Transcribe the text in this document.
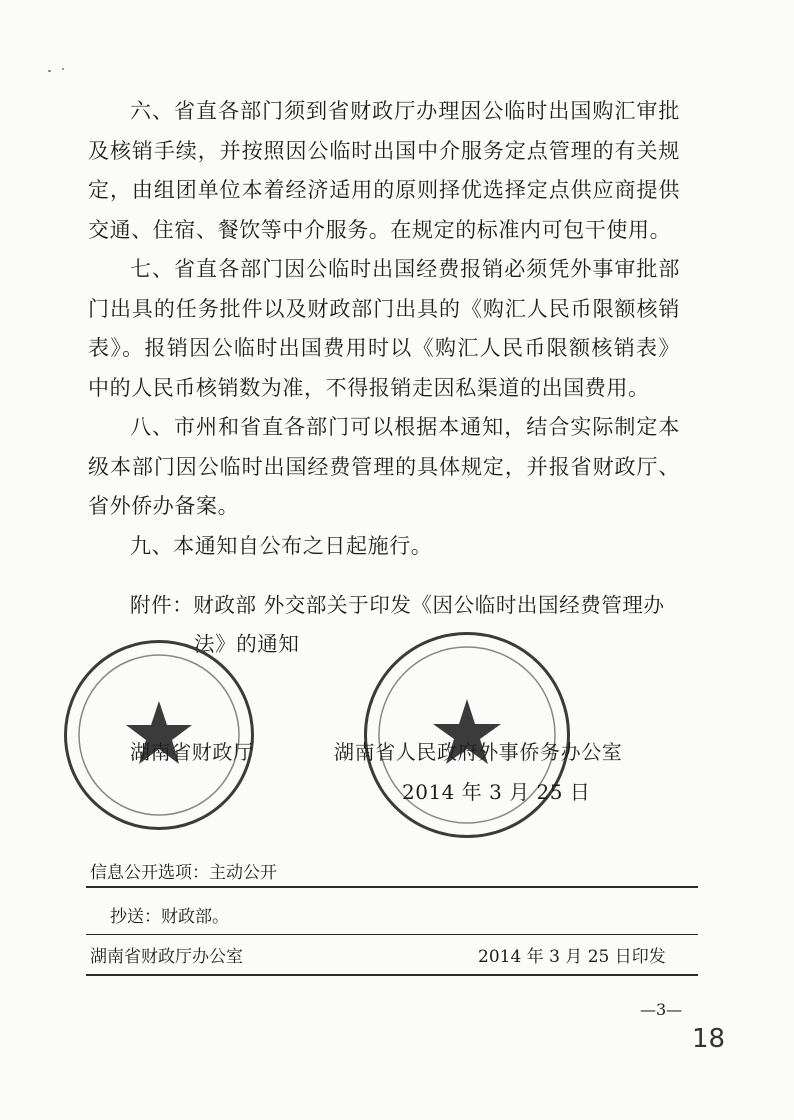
六、省直各部门须到省财政厅办理因公临时出国购汇审批及核销手续，并按照因公临时出国中介服务定点管理的有关规定，由组团单位本着经济适用的原则择优选择定点供应商提供交通、住宿、餐饮等中介服务。在规定的标准内可包干使用。

七、省直各部门因公临时出国经费报销必须凭外事审批部门出具的任务批件以及财政部门出具的《购汇人民币限额核销表》。报销因公临时出国费用时以《购汇人民币限额核销表》中的人民币核销数为准，不得报销走因私渠道的出国费用。

八、市州和省直各部门可以根据本通知，结合实际制定本级本部门因公临时出国经费管理的具体规定，并报省财政厅、省外侨办备案。

九、本通知自公布之日起施行。

附件：财政部 外交部关于印发《因公临时出国经费管理办
法》的通知
湖南省财政厅	湖南省人民政府外事侨务办公室
2014 年 3 月 25 日
信息公开选项：主动公开
抄送：财政部。
湖南省财政厅办公室	2014 年 3 月 25 日印发
—3—
18
